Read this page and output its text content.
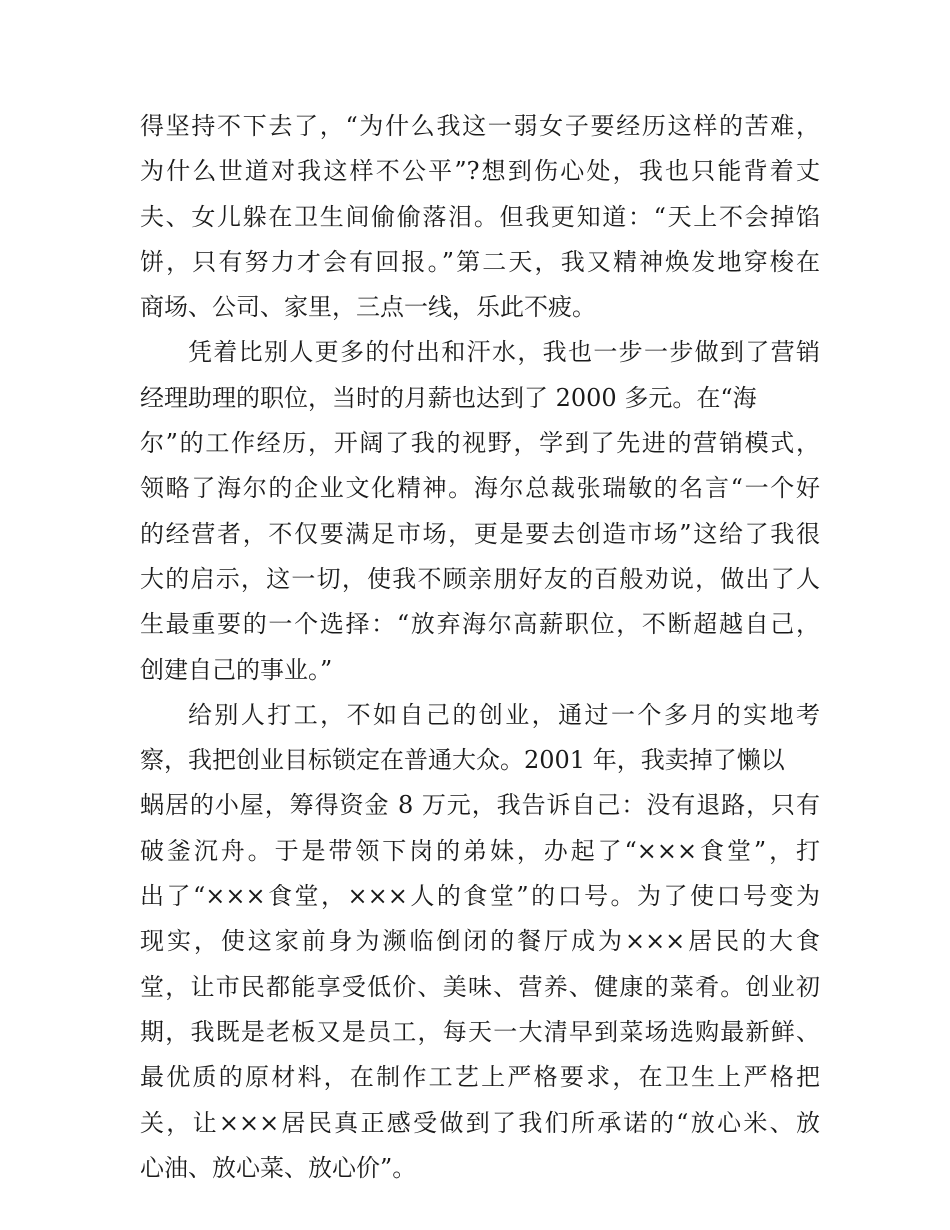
得坚持不下去了，“为什么我这一弱女子要经历这样的苦难，
为什么世道对我这样不公平”?想到伤心处，我也只能背着丈
夫、女儿躲在卫生间偷偷落泪。但我更知道：“天上不会掉馅
饼，只有努力才会有回报。”第二天，我又精神焕发地穿梭在
商场、公司、家里，三点一线，乐此不疲。
凭着比别人更多的付出和汗水，我也一步一步做到了营销
经理助理的职位，当时的月薪也达到了 2000 多元。在“海
尔”的工作经历，开阔了我的视野，学到了先进的营销模式，
领略了海尔的企业文化精神。海尔总裁张瑞敏的名言“一个好
的经营者，不仅要满足市场，更是要去创造市场”这给了我很
大的启示，这一切，使我不顾亲朋好友的百般劝说，做出了人
生最重要的一个选择：“放弃海尔高薪职位，不断超越自己，
创建自己的事业。”
给别人打工，不如自己的创业，通过一个多月的实地考
察，我把创业目标锁定在普通大众。2001 年，我卖掉了懒以
蜗居的小屋，筹得资金 8 万元，我告诉自己：没有退路，只有
破釜沉舟。于是带领下岗的弟妹，办起了“×××食堂”，打
出了“×××食堂，×××人的食堂”的口号。为了使口号变为
现实，使这家前身为濒临倒闭的餐厅成为×××居民的大食
堂，让市民都能享受低价、美味、营养、健康的菜肴。创业初
期，我既是老板又是员工，每天一大清早到菜场选购最新鲜、
最优质的原材料，在制作工艺上严格要求，在卫生上严格把
关，让×××居民真正感受做到了我们所承诺的“放心米、放
心油、放心菜、放心价”。
